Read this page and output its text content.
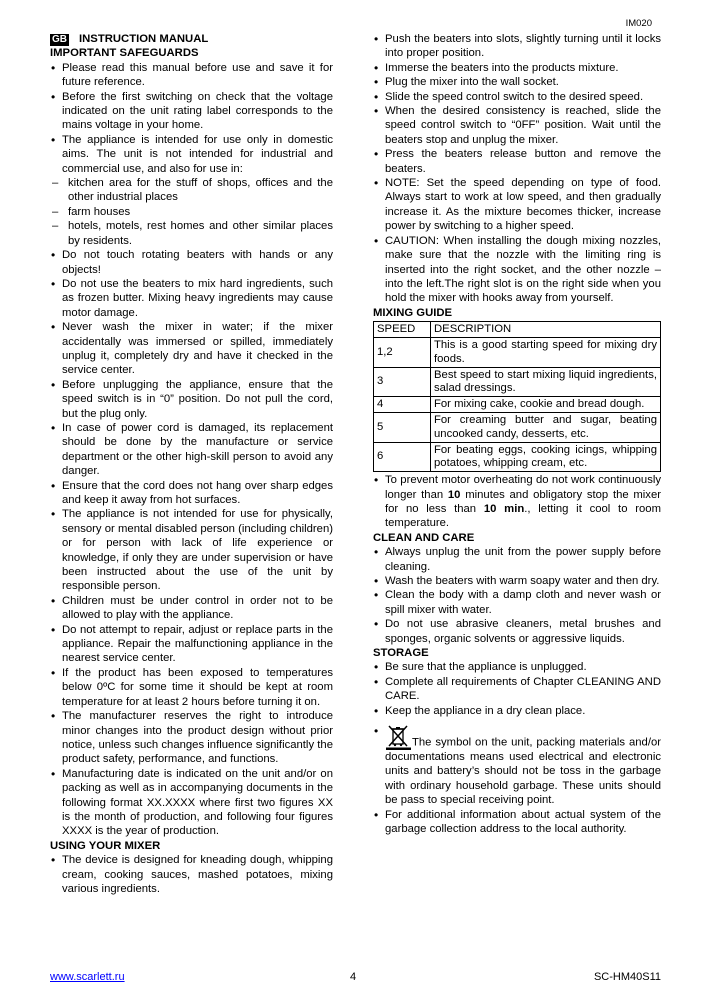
IM020
GB INSTRUCTION MANUAL
IMPORTANT SAFEGUARDS
• Please read this manual before use and save it for future reference.
• Before the first switching on check that the voltage indicated on the unit rating label corresponds to the mains voltage in your home.
• The appliance is intended for use only in domestic aims. The unit is not intended for industrial and commercial use, and also for use in:
– kitchen area for the stuff of shops, offices and the other industrial places
– farm houses
– hotels, motels, rest homes and other similar places by residents.
• Do not touch rotating beaters with hands or any objects!
• Do not use the beaters to mix hard ingredients, such as frozen butter. Mixing heavy ingredients may cause motor damage.
• Never wash the mixer in water; if the mixer accidentally was immersed or spilled, immediately unplug it, completely dry and have it checked in the service center.
• Before unplugging the appliance, ensure that the speed switch is in “0” position. Do not pull the cord, but the plug only.
• In case of power cord is damaged, its replacement should be done by the manufacture or service department or the other high-skill person to avoid any danger.
• Ensure that the cord does not hang over sharp edges and keep it away from hot surfaces.
• The appliance is not intended for use for physically, sensory or mental disabled person (including children) or for person with lack of life experience or knowledge, if only they are under supervision or have been instructed about the use of the unit by responsible person.
• Children must be under control in order not to be allowed to play with the appliance.
• Do not attempt to repair, adjust or replace parts in the appliance. Repair the malfunctioning appliance in the nearest service center.
• If the product has been exposed to temperatures below 0ºC for some time it should be kept at room temperature for at least 2 hours before turning it on.
• The manufacturer reserves the right to introduce minor changes into the product design without prior notice, unless such changes influence significantly the product safety, performance, and functions.
• Manufacturing date is indicated on the unit and/or on packing as well as in accompanying documents in the following format XX.XXXX where first two figures XX is the month of production, and following four figures XXXX is the year of production.
USING YOUR MIXER
• The device is designed for kneading dough, whipping cream, cooking sauces, mashed potatoes, mixing various ingredients.
• Push the beaters into slots, slightly turning until it locks into proper position.
• Immerse the beaters into the products mixture.
• Plug the mixer into the wall socket.
• Slide the speed control switch to the desired speed.
• When the desired consistency is reached, slide the speed control switch to “0FF” position. Wait until the beaters stop and unplug the mixer.
• Press the beaters release button and remove the beaters.
• NOTE: Set the speed depending on type of food. Always start to work at low speed, and then gradually increase it. As the mixture becomes thicker, increase power by switching to a higher speed.
• CAUTION: When installing the dough mixing nozzles, make sure that the nozzle with the limiting ring is inserted into the right socket, and the other nozzle – into the left.The right slot is on the right side when you hold the mixer with hooks away from yourself.
MIXING GUIDE
SPEED	DESCRIPTION
1,2	This is a good starting speed for mixing dry foods.
3	Best speed to start mixing liquid ingredients, salad dressings.
4	For mixing cake, cookie and bread dough.
5	For creaming butter and sugar, beating uncooked candy, desserts, etc.
6	For beating eggs, cooking icings, whipping potatoes, whipping cream, etc.
• To prevent motor overheating do not work continuously longer than 10 minutes and obligatory stop the mixer for no less than 10 min., letting it cool to room temperature.
CLEAN AND CARE
• Always unplug the unit from the power supply before cleaning.
• Wash the beaters with warm soapy water and then dry.
• Clean the body with a damp cloth and never wash or spill mixer with water.
• Do not use abrasive cleaners, metal brushes and sponges, organic solvents or aggressive liquids.
STORAGE
• Be sure that the appliance is unplugged.
• Complete all requirements of Chapter CLEANING AND CARE.
• Keep the appliance in a dry clean place.
• The symbol on the unit, packing materials and/or documentations means used electrical and electronic units and battery’s should not be toss in the garbage with ordinary household garbage. These units should be pass to special receiving point.
• For additional information about actual system of the garbage collection address to the local authority.
www.scarlett.ru	4	SC-HM40S11
